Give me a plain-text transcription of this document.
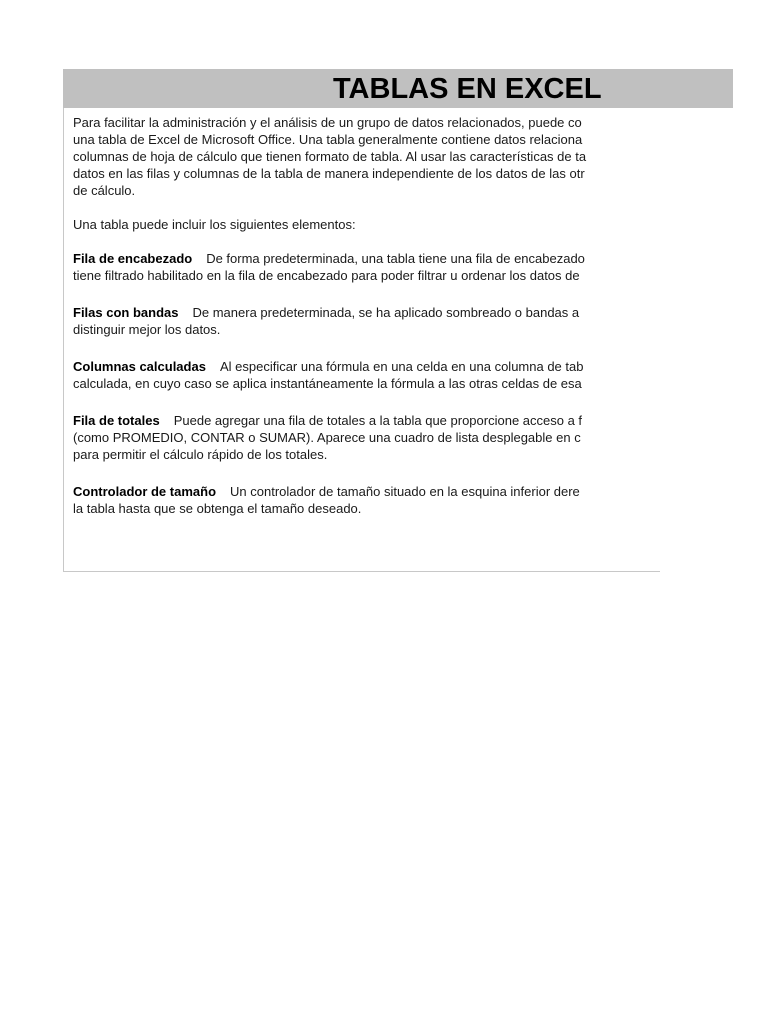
TABLAS EN EXCEL

Para facilitar la administración y el análisis de un grupo de datos relacionados, puede co

una tabla de Excel de Microsoft Office. Una tabla generalmente contiene datos relaciona

columnas de hoja de cálculo que tienen formato de tabla. Al usar las características de ta

datos en las filas y columnas de la tabla de manera independiente de los datos de las otr

de cálculo.

Una tabla puede incluir los siguientes elementos:

Fila de encabezado De forma predeterminada, una tabla tiene una fila de encabezado

tiene filtrado habilitado en la fila de encabezado para poder filtrar u ordenar los datos de

Filas con bandas De manera predeterminada, se ha aplicado sombreado o bandas a

distinguir mejor los datos.

Columnas calculadas Al especificar una fórmula en una celda en una columna de tab

calculada, en cuyo caso se aplica instantáneamente la fórmula a las otras celdas de esa

Fila de totales Puede agregar una fila de totales a la tabla que proporcione acceso a f

(como PROMEDIO, CONTAR o SUMAR). Aparece una cuadro de lista desplegable en c

para permitir el cálculo rápido de los totales.

Controlador de tamaño Un controlador de tamaño situado en la esquina inferior dere

la tabla hasta que se obtenga el tamaño deseado.
